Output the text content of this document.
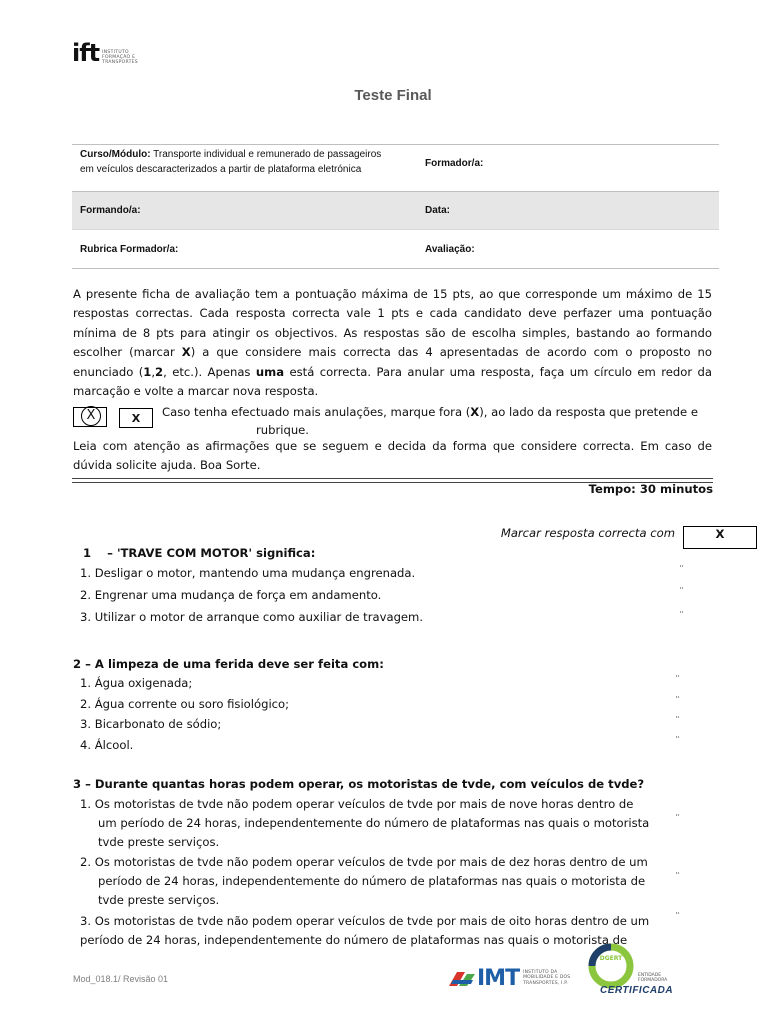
ift INSTITUTO
FORMAÇÃO E
TRANSPORTES
Teste Final
Curso/Módulo: Transporte individual e remunerado de passageiros
em veículos descaracterizados a partir de plataforma eletrónica
Formador/a:
Formando/a:	Data:
Rubrica Formador/a:	Avaliação:
A presente ficha de avaliação tem a pontuação máxima de 15 pts, ao que corresponde um máximo de 15 respostas correctas. Cada resposta correcta vale 1 pts e cada candidato deve perfazer uma pontuação mínima de 8 pts para atingir os objectivos. As respostas são de escolha simples, bastando ao formando escolher (marcar X) a que considere mais correcta das 4 apresentadas de acordo com o proposto no enunciado (1,2, etc.). Apenas uma está correcta. Para anular uma resposta, faça um círculo em redor da marcação e volte a marcar nova resposta.
X	X	Caso tenha efectuado mais anulações, marque fora (X), ao lado da resposta que pretende e
rubrique.
Leia com atenção as afirmações que se seguem e decida da forma que considere correcta. Em caso de dúvida solicite ajuda. Boa Sorte.
Tempo: 30 minutos
Marcar resposta correcta com	X
1 – 'TRAVE COM MOTOR' significa:
1. Desligar o motor, mantendo uma mudança engrenada.	¨
2. Engrenar uma mudança de força em andamento.	¨
3. Utilizar o motor de arranque como auxiliar de travagem.	¨
2 – A limpeza de uma ferida deve ser feita com:
1. Água oxigenada;	¨
2. Água corrente ou soro fisiológico;	¨
3. Bicarbonato de sódio;	¨
4. Álcool.	¨
3 – Durante quantas horas podem operar, os motoristas de tvde, com veículos de tvde?
1. Os motoristas de tvde não podem operar veículos de tvde por mais de nove horas dentro de
um período de 24 horas, independentemente do número de plataformas nas quais o motorista
tvde preste serviços.
¨
2. Os motoristas de tvde não podem operar veículos de tvde por mais de dez horas dentro de um
período de 24 horas, independentemente do número de plataformas nas quais o motorista de
tvde preste serviços.
¨
3. Os motoristas de tvde não podem operar veículos de tvde por mais de oito horas dentro de um
período de 24 horas, independentemente do número de plataformas nas quais o motorista de
¨
Mod_018.1/ Revisão 01	IMT INSTITUTO DA
MOBILIDADE E DOS
TRANSPORTES, I.P.
DGERT
ENTIDADE
FORMADORA
CERTIFICADA
